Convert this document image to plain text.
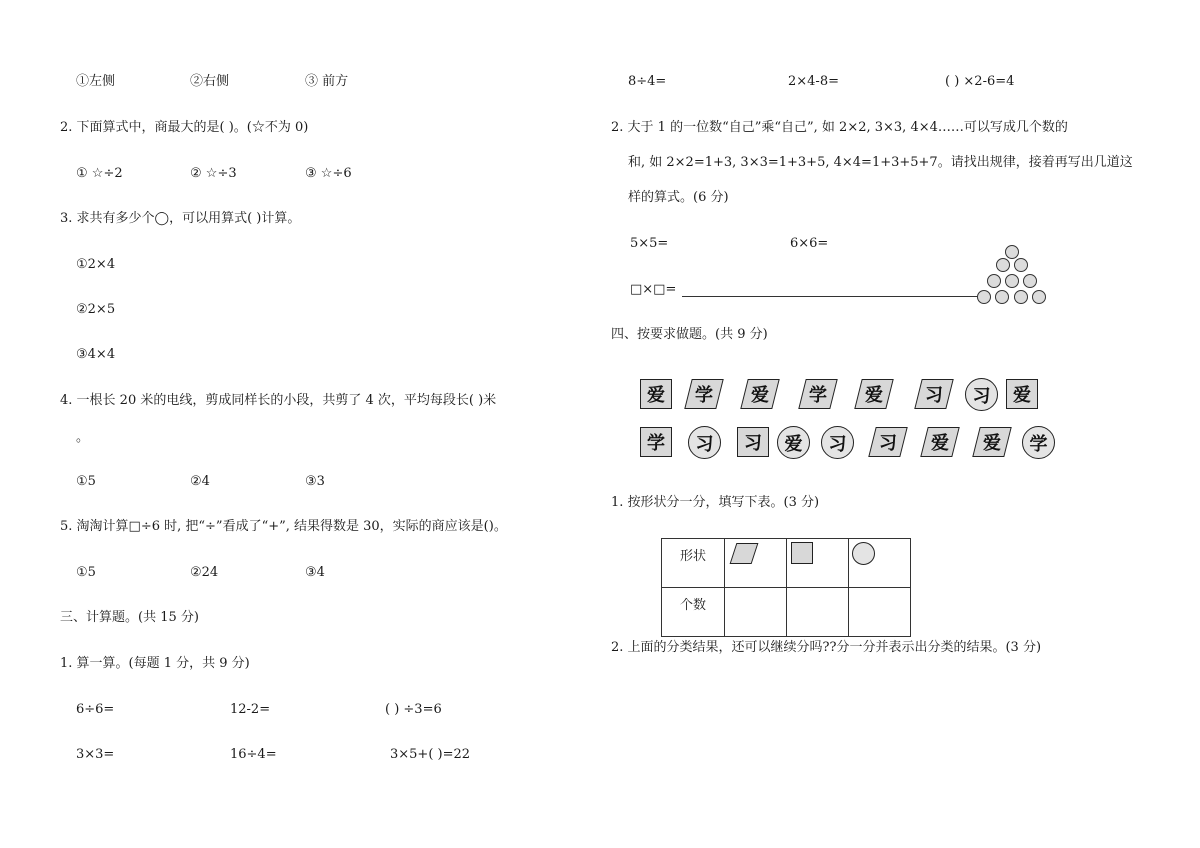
①左侧	②右侧	③ 前方
2. 下面算式中，商最大的是( )。(☆不为 0)
① ☆÷2	② ☆÷3	③ ☆÷6
3. 求共有多少个◯，可以用算式( )计算。
①2×4
②2×5
③4×4
4. 一根长 20 米的电线，剪成同样长的小段，共剪了 4 次，平均每段长( )米
。
①5	②4	③3
5. 淘淘计算□÷6 时, 把“÷”看成了“+”, 结果得数是 30，实际的商应该是()。
①5	②24	③4
三、计算题。(共 15 分)
1. 算一算。(每题 1 分，共 9 分)
6÷6=	12-2=	( ) ÷3=6
3×3=	16÷4=	3×5+( )=22
8÷4=	2×4-8=	( ) ×2-6=4
2. 大于 1 的一位数“自己”乘“自己”, 如 2×2, 3×3, 4×4……可以写成几个数的
和, 如 2×2=1+3, 3×3=1+3+5, 4×4=1+3+5+7。请找出规律，接着再写出几道这
样的算式。(6 分)
5×5=	6×6=
□×□=
四、按要求做题。(共 9 分)
爱 学 爱 学 爱 习 习 爱
学 习 习 爱 习 习 爱 爱 学
1. 按形状分一分，填写下表。(3 分)
形状			

个数			

2. 上面的分类结果，还可以继续分吗??分一分并表示出分类的结果。(3 分)
